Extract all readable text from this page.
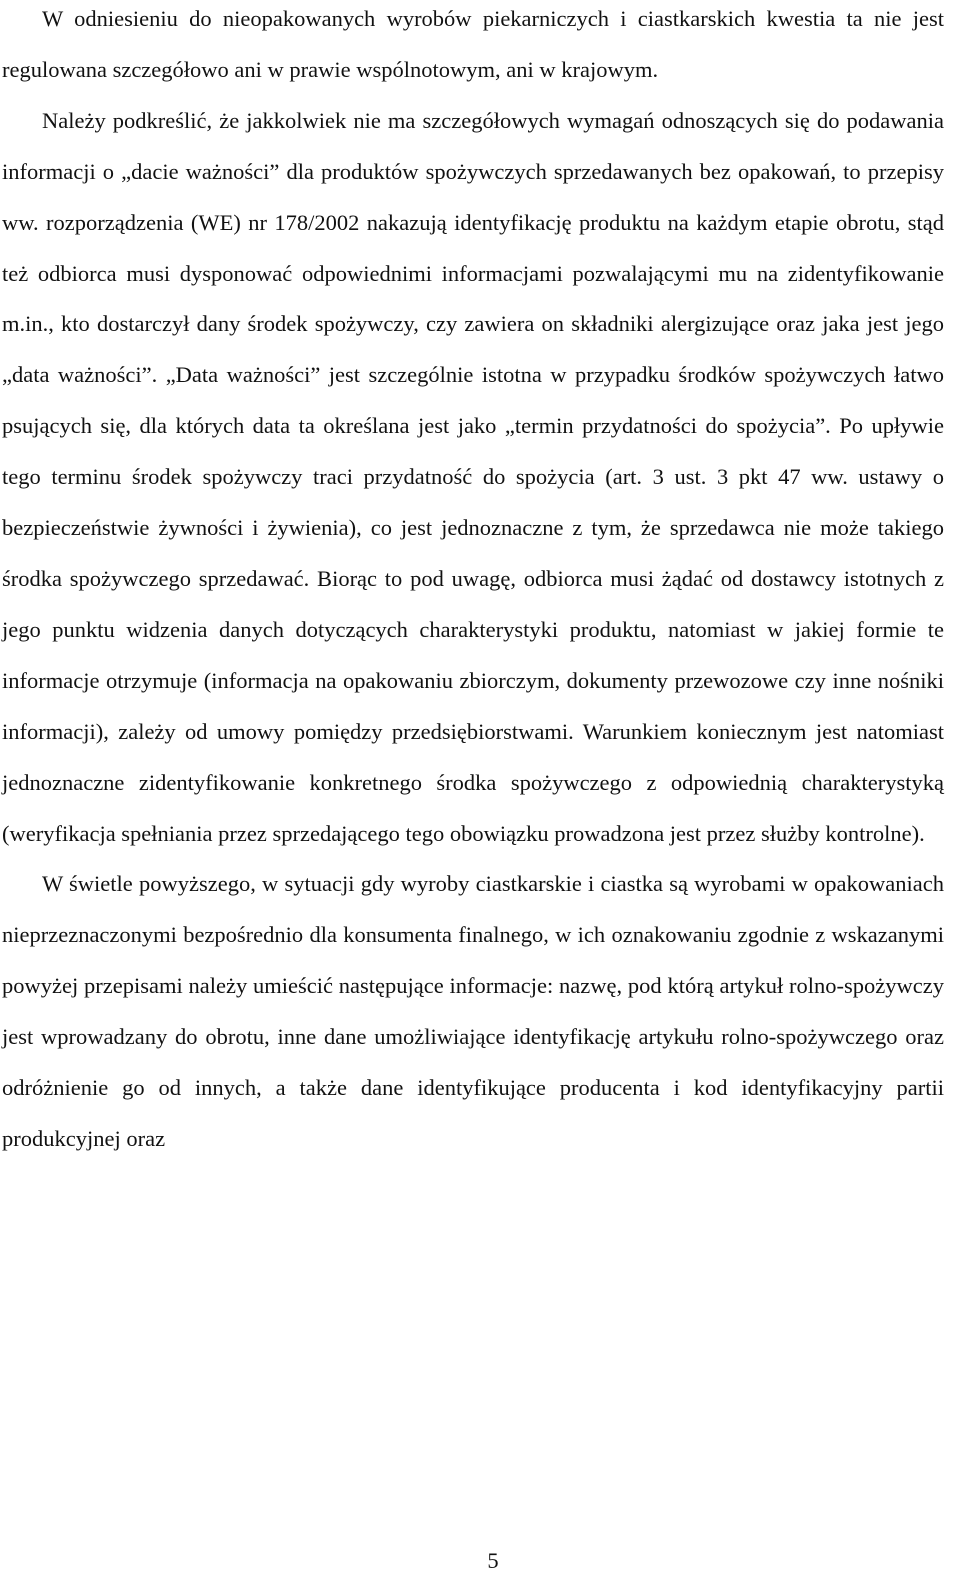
W odniesieniu do nieopakowanych wyrobów piekarniczych i ciastkarskich kwestia ta nie jest regulowana szczegółowo ani w prawie wspólnotowym, ani w krajowym.

Należy podkreślić, że jakkolwiek nie ma szczegółowych wymagań odnoszących się do podawania informacji o „dacie ważności” dla produktów spożywczych sprzedawanych bez opakowań, to przepisy ww. rozporządzenia (WE) nr 178/2002 nakazują identyfikację produktu na każdym etapie obrotu, stąd też odbiorca musi dysponować odpowiednimi informacjami pozwalającymi mu na zidentyfikowanie m.in., kto dostarczył dany środek spożywczy, czy zawiera on składniki alergizujące oraz jaka jest jego „data ważności”. „Data ważności” jest szczególnie istotna w przypadku środków spożywczych łatwo psujących się, dla których data ta określana jest jako „termin przydatności do spożycia”. Po upływie tego terminu środek spożywczy traci przydatność do spożycia (art. 3 ust. 3 pkt 47 ww. ustawy o bezpieczeństwie żywności i żywienia), co jest jednoznaczne z tym, że sprzedawca nie może takiego środka spożywczego sprzedawać. Biorąc to pod uwagę, odbiorca musi żądać od dostawcy istotnych z jego punktu widzenia danych dotyczących charakterystyki produktu, natomiast w jakiej formie te informacje otrzymuje (informacja na opakowaniu zbiorczym, dokumenty przewozowe czy inne nośniki informacji), zależy od umowy pomiędzy przedsiębiorstwami. Warunkiem koniecznym jest natomiast jednoznaczne zidentyfikowanie konkretnego środka spożywczego z odpowiednią charakterystyką (weryfikacja spełniania przez sprzedającego tego obowiązku prowadzona jest przez służby kontrolne).

W świetle powyższego, w sytuacji gdy wyroby ciastkarskie i ciastka są wyrobami w opakowaniach nieprzeznaczonymi bezpośrednio dla konsumenta finalnego, w ich oznakowaniu zgodnie z wskazanymi powyżej przepisami należy umieścić następujące informacje: nazwę, pod którą artykuł rolno-spożywczy jest wprowadzany do obrotu, inne dane umożliwiające identyfikację artykułu rolno-spożywczego oraz odróżnienie go od innych, a także dane identyfikujące producenta i kod identyfikacyjny partii produkcyjnej oraz

5
